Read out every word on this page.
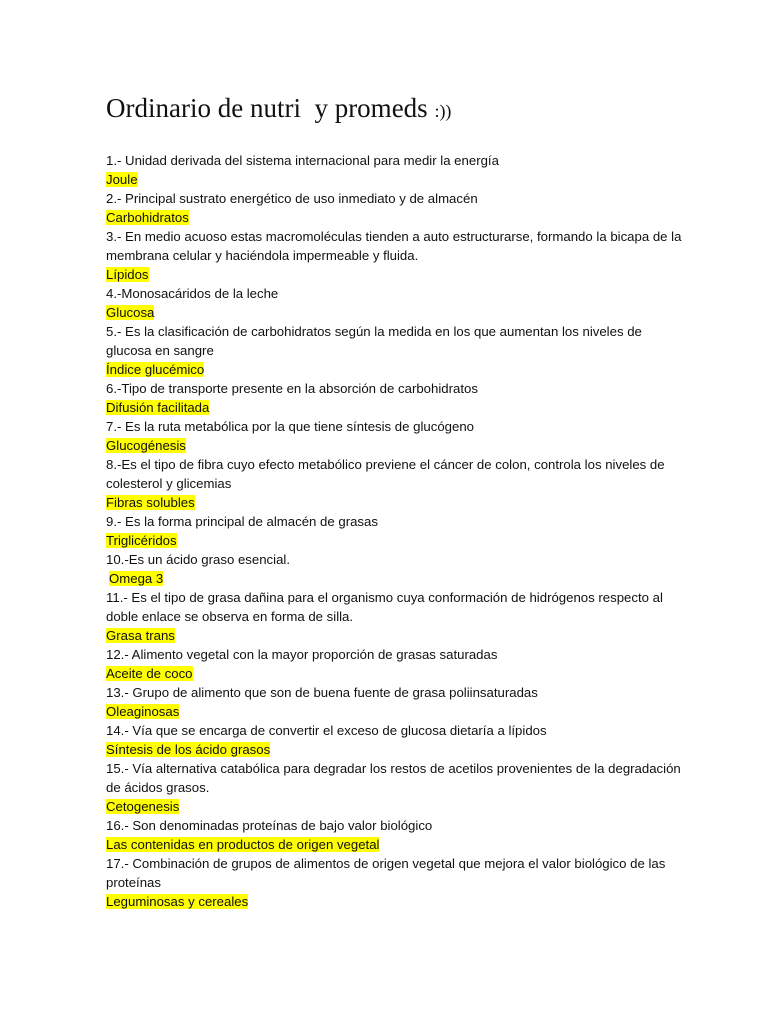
Ordinario de nutri  y promeds :))

1.- Unidad derivada del sistema internacional para medir la energía

Joule

2.- Principal sustrato energético de uso inmediato y de almacén

Carbohidratos

3.- En medio acuoso estas macromoléculas tienden a auto estructurarse, formando la bicapa de la membrana celular y haciéndola impermeable y fluida.

Lípidos

4.-Monosacáridos de la leche

Glucosa

5.- Es la clasificación de carbohidratos según la medida en los que aumentan los niveles de glucosa en sangre

Índice glucémico

6.-Tipo de transporte presente en la absorción de carbohidratos

Difusión facilitada

7.- Es la ruta metabólica por la que tiene síntesis de glucógeno

Glucogénesis

8.-Es el tipo de fibra cuyo efecto metabólico previene el cáncer de colon, controla los niveles de colesterol y glicemias

Fibras solubles

9.- Es la forma principal de almacén de grasas

Triglicéridos

10.-Es un ácido graso esencial.

Omega 3

11.- Es el tipo de grasa dañina para el organismo cuya conformación de hidrógenos respecto al doble enlace se observa en forma de silla.

Grasa trans

12.- Alimento vegetal con la mayor proporción de grasas saturadas

Aceite de coco

13.- Grupo de alimento que son de buena fuente de grasa poliinsaturadas

Oleaginosas

14.- Vía que se encarga de convertir el exceso de glucosa dietaría a lípidos

Síntesis de los ácido grasos

15.- Vía alternativa catabólica para degradar los restos de acetilos provenientes de la degradación de ácidos grasos.

Cetogenesis

16.- Son denominadas proteínas de bajo valor biológico

Las contenidas en productos de origen vegetal

17.- Combinación de grupos de alimentos de origen vegetal que mejora el valor biológico de las proteínas

Leguminosas y cereales
